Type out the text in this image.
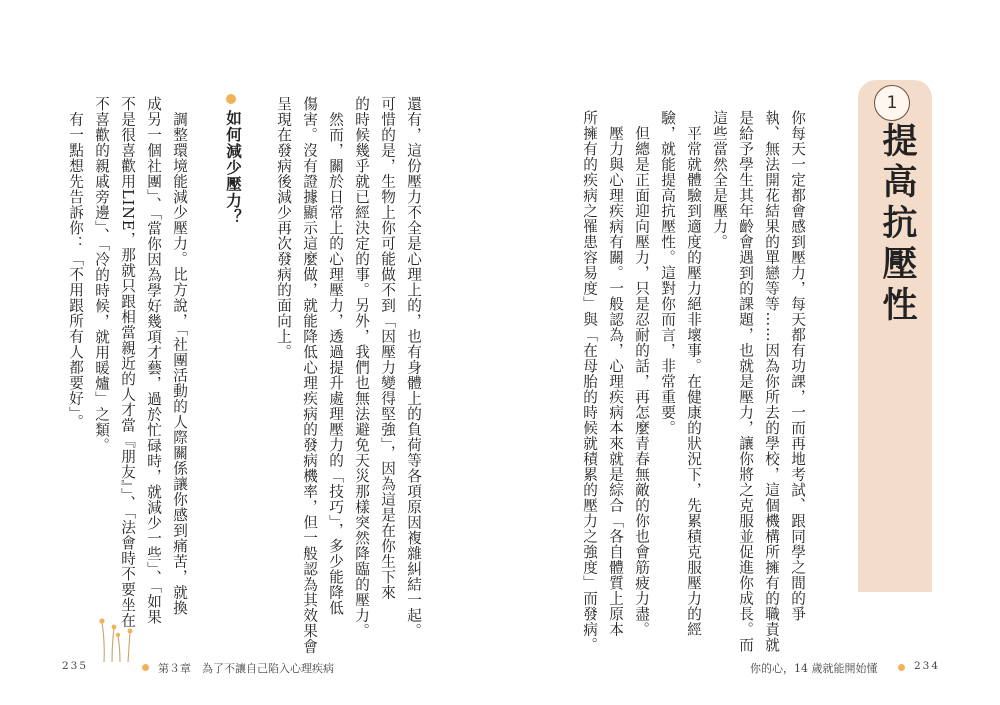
1
提高抗壓性
你每天一定都會感到壓力，每天都有功課，一而再地考試、跟同學之間的爭
執、無法開花結果的單戀等等……因為你所去的學校，這個機構所擁有的職責就
是給予學生其年齡會遇到的課題，也就是壓力，讓你將之克服並促進你成長。而
這些當然全是壓力。
　平常就體驗到適度的壓力絕非壞事。在健康的狀況下，先累積克服壓力的經
驗，就能提高抗壓性。這對你而言，非常重要。
　但總是正面迎向壓力，只是忍耐的話，再怎麼青春無敵的你也會筋疲力盡。
　壓力與心理疾病有關。一般認為，心理疾病本來就是綜合「各自體質上原本
所擁有的疾病之罹患容易度」與「在母胎的時候就積累的壓力之強度」而發病。
還有，這份壓力不全是心理上的，也有身體上的負荷等各項原因複雜糾結一起。
可惜的是，生物上你可能做不到「因壓力變得堅強」，因為這是在你生下來
的時候幾乎就已經決定的事。另外，我們也無法避免天災那樣突然降臨的壓力。
　然而，關於日常上的心理壓力，透過提升處理壓力的「技巧」，多少能降低
傷害。沒有證據顯示這麼做，就能降低心理疾病的發病機率，但一般認為其效果會
呈現在發病後減少再次發病的面向上。
如何減少壓力？
　調整環境能減少壓力。比方說，「社團活動的人際關係讓你感到痛苦，就換
成另一個社團」、「當你因為學好幾項才藝，過於忙碌時，就減少一些」、「如果
不是很喜歡用LINE，那就只跟相當親近的人才當『朋友』」、「法會時不要坐在
不喜歡的親戚旁邊」、「冷的時候，就用暖爐」之類。
　有一點想先告訴你：「不用跟所有人都要好」。
235	第３章　為了不讓自己陷入心理疾病	你的心，14 歲就能開始懂	234
